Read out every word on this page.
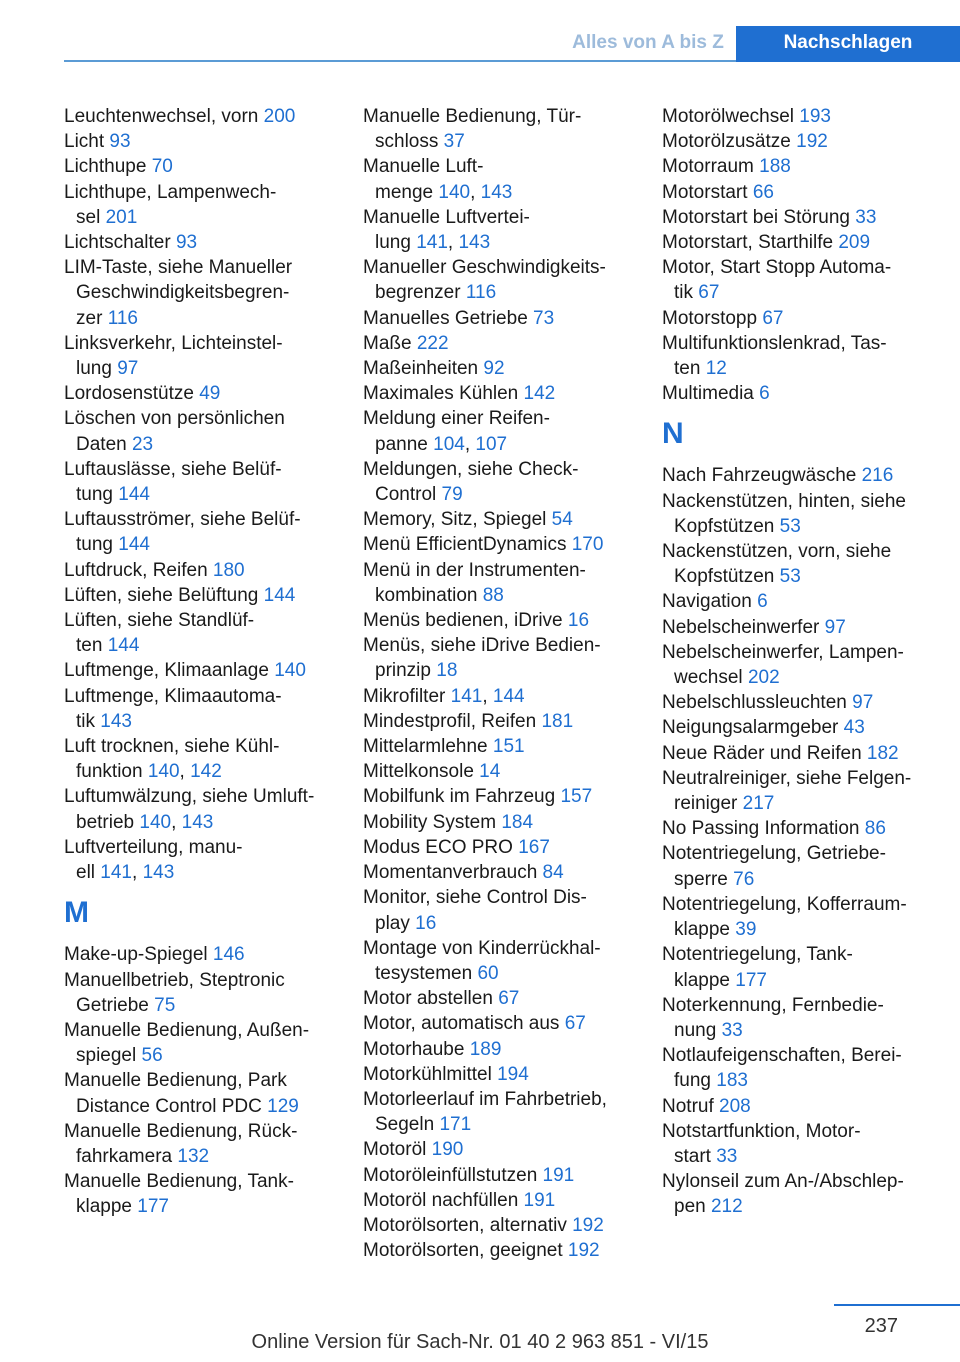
Alles von A bis Z	Nachschlagen
Leuchtenwechsel, vorn 200
Licht 93
Lichthupe 70
Lichthupe, Lampenwech-
sel 201
Lichtschalter 93
LIM-Taste, siehe Manueller
Geschwindigkeitsbegren-
zer 116
Linksverkehr, Lichteinstel-
lung 97
Lordosenstütze 49
Löschen von persönlichen
Daten 23
Luftauslässe, siehe Belüf-
tung 144
Luftausströmer, siehe Belüf-
tung 144
Luftdruck, Reifen 180
Lüften, siehe Belüftung 144
Lüften, siehe Standlüf-
ten 144
Luftmenge, Klimaanlage 140
Luftmenge, Klimaautoma-
tik 143
Luft trocknen, siehe Kühl-
funktion 140, 142
Luftumwälzung, siehe Umluft-
betrieb 140, 143
Luftverteilung, manu-
ell 141, 143
M
Make-up-Spiegel 146
Manuellbetrieb, Steptronic
Getriebe 75
Manuelle Bedienung, Außen-
spiegel 56
Manuelle Bedienung, Park
Distance Control PDC 129
Manuelle Bedienung, Rück-
fahrkamera 132
Manuelle Bedienung, Tank-
klappe 177
Manuelle Bedienung, Tür-
schloss 37
Manuelle Luft-
menge 140, 143
Manuelle Luftvertei-
lung 141, 143
Manueller Geschwindigkeits-
begrenzer 116
Manuelles Getriebe 73
Maße 222
Maßeinheiten 92
Maximales Kühlen 142
Meldung einer Reifen-
panne 104, 107
Meldungen, siehe Check-
Control 79
Memory, Sitz, Spiegel 54
Menü EfficientDynamics 170
Menü in der Instrumenten-
kombination 88
Menüs bedienen, iDrive 16
Menüs, siehe iDrive Bedien-
prinzip 18
Mikrofilter 141, 144
Mindestprofil, Reifen 181
Mittelarmlehne 151
Mittelkonsole 14
Mobilfunk im Fahrzeug 157
Mobility System 184
Modus ECO PRO 167
Momentanverbrauch 84
Monitor, siehe Control Dis-
play 16
Montage von Kinderrückhal-
tesystemen 60
Motor abstellen 67
Motor, automatisch aus 67
Motorhaube 189
Motorkühlmittel 194
Motorleerlauf im Fahrbetrieb,
Segeln 171
Motoröl 190
Motoröleinfüllstutzen 191
Motoröl nachfüllen 191
Motorölsorten, alternativ 192
Motorölsorten, geeignet 192
Motorölwechsel 193
Motorölzusätze 192
Motorraum 188
Motorstart 66
Motorstart bei Störung 33
Motorstart, Starthilfe 209
Motor, Start Stopp Automa-
tik 67
Motorstopp 67
Multifunktionslenkrad, Tas-
ten 12
Multimedia 6
N
Nach Fahrzeugwäsche 216
Nackenstützen, hinten, siehe
Kopfstützen 53
Nackenstützen, vorn, siehe
Kopfstützen 53
Navigation 6
Nebelscheinwerfer 97
Nebelscheinwerfer, Lampen-
wechsel 202
Nebelschlussleuchten 97
Neigungsalarmgeber 43
Neue Räder und Reifen 182
Neutralreiniger, siehe Felgen-
reiniger 217
No Passing Information 86
Notentriegelung, Getriebe-
sperre 76
Notentriegelung, Kofferraum-
klappe 39
Notentriegelung, Tank-
klappe 177
Noterkennung, Fernbedie-
nung 33
Notlaufeigenschaften, Berei-
fung 183
Notruf 208
Notstartfunktion, Motor-
start 33
Nylonseil zum An-/Abschlep-
pen 212
237
Online Version für Sach-Nr. 01 40 2 963 851 - VI/15
